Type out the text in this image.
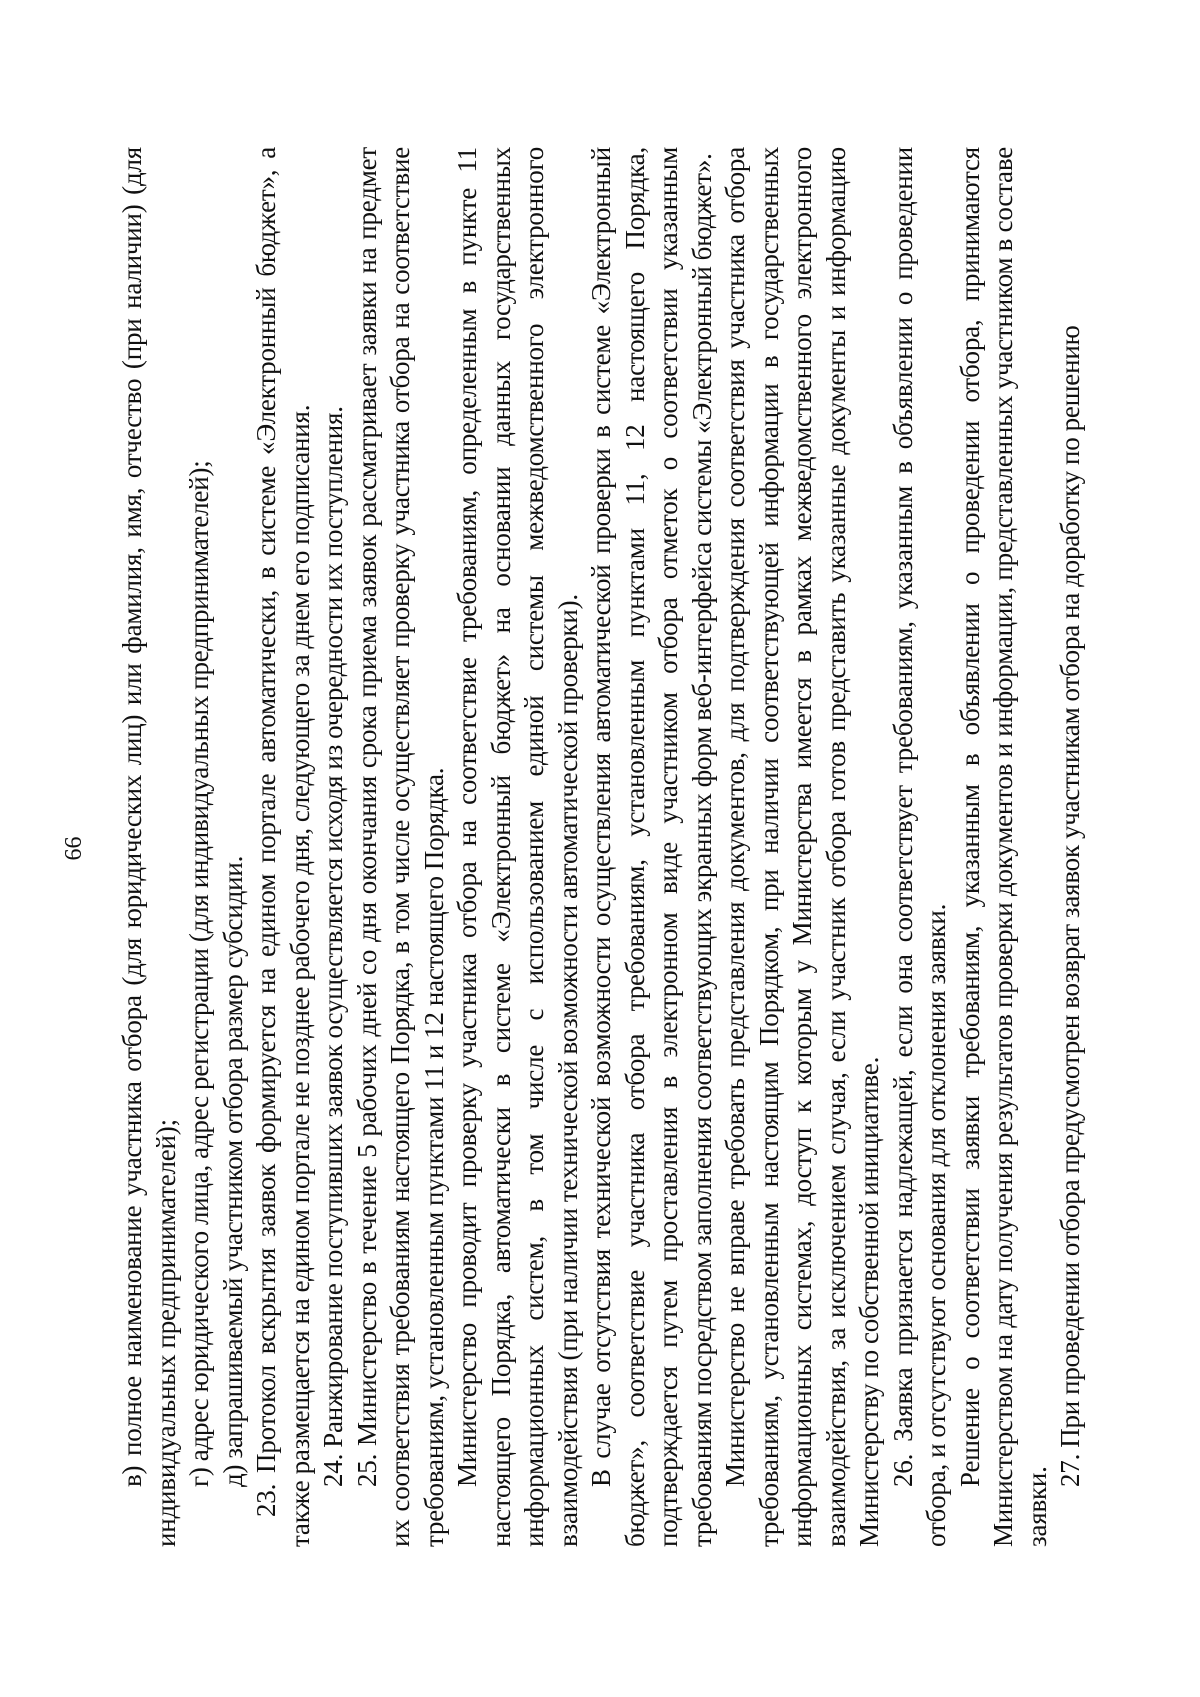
66 в) полное наименование участника отбора (для юридических лиц) или фамилия, имя, отчество (при наличии) (для индивидуальных предпринимателей); г) адрес юридического лица, адрес регистрации (для индивидуальных предпринимателей); д) запрашиваемый участником отбора размер субсидии. 23. Протокол вскрытия заявок формируется на едином портале автоматически, в системе «Электронный бюджет», а также размещается на едином портале не позднее рабочего дня, следующего за днем его подписания. 24. Ранжирование поступивших заявок осуществляется исходя из очередности их поступления. 25. Министерство в течение 5 рабочих дней со дня окончания срока приема заявок рассматривает заявки на предмет их соответствия требованиям настоящего Порядка, в том числе осуществляет проверку участника отбора на соответствие требованиям, установленным пунктами 11 и 12 настоящего Порядка. Министерство проводит проверку участника отбора на соответствие требованиям, определенным в пункте 11 настоящего Порядка, автоматически в системе «Электронный бюджет» на основании данных государственных информационных систем, в том числе с использованием единой системы межведомственного электронного взаимодействия (при наличии технической возможности автоматической проверки). В случае отсутствия технической возможности осуществления автоматической проверки в системе «Электронный бюджет», соответствие участника отбора требованиям, установленным пунктами 11, 12 настоящего Порядка, подтверждается путем проставления в электронном виде участником отбора отметок о соответствии указанным требованиям посредством заполнения соответствующих экранных форм веб-интерфейса системы «Электронный бюджет». Министерство не вправе требовать представления документов, для подтверждения соответствия участника отбора требованиям, установленным настоящим Порядком, при наличии соответствующей информации в государственных информационных системах, доступ к которым у Министерства имеется в рамках межведомственного электронного взаимодействия, за исключением случая, если участник отбора готов представить указанные документы и информацию Министерству по собственной инициативе. 26. Заявка признается надлежащей, если она соответствует требованиям, указанным в объявлении о проведении отбора, и отсутствуют основания для отклонения заявки. Решение о соответствии заявки требованиям, указанным в объявлении о проведении отбора, принимаются Министерством на дату получения результатов проверки документов и информации, представленных участником в составе заявки.

27. При проведении отбора предусмотрен возврат заявок участникам отбора на доработку по решению
